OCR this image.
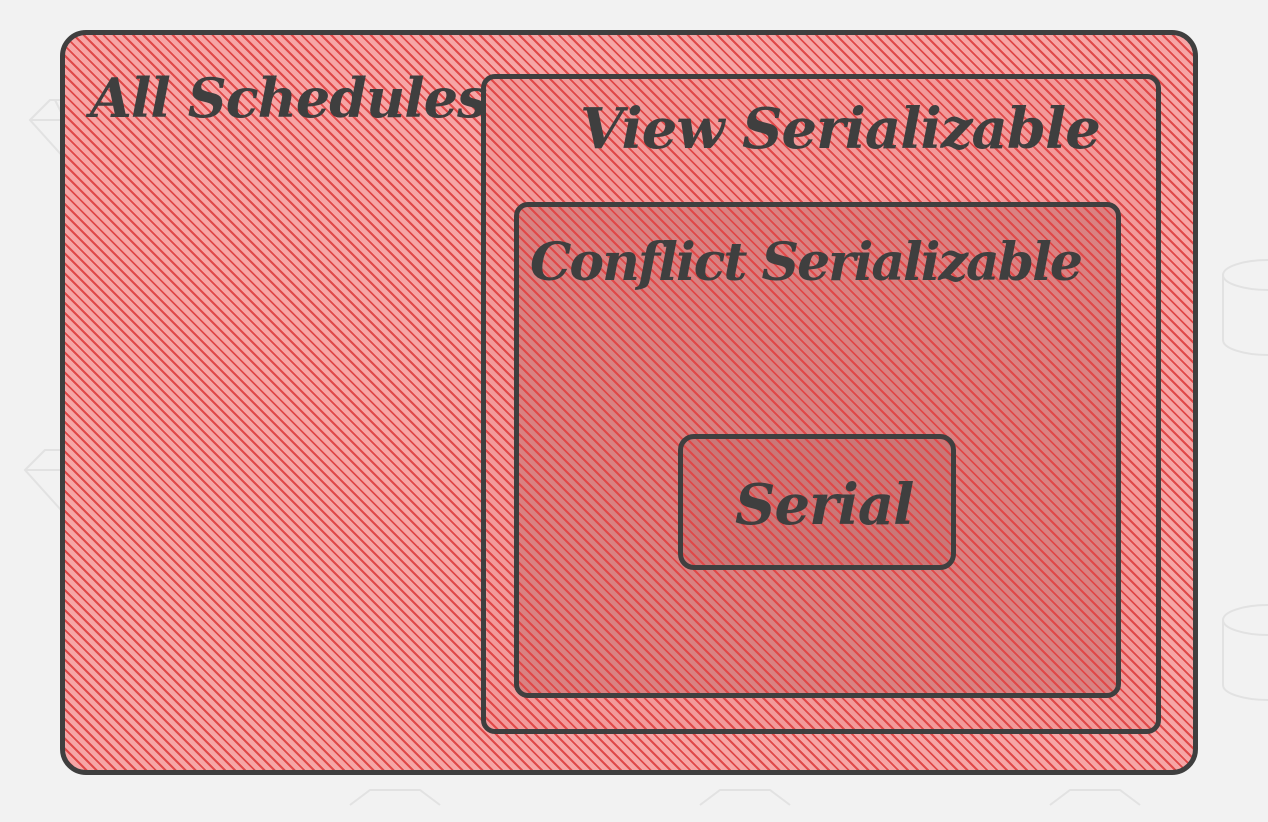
All Schedules View Serializable
Conflict Serializable
Serial
